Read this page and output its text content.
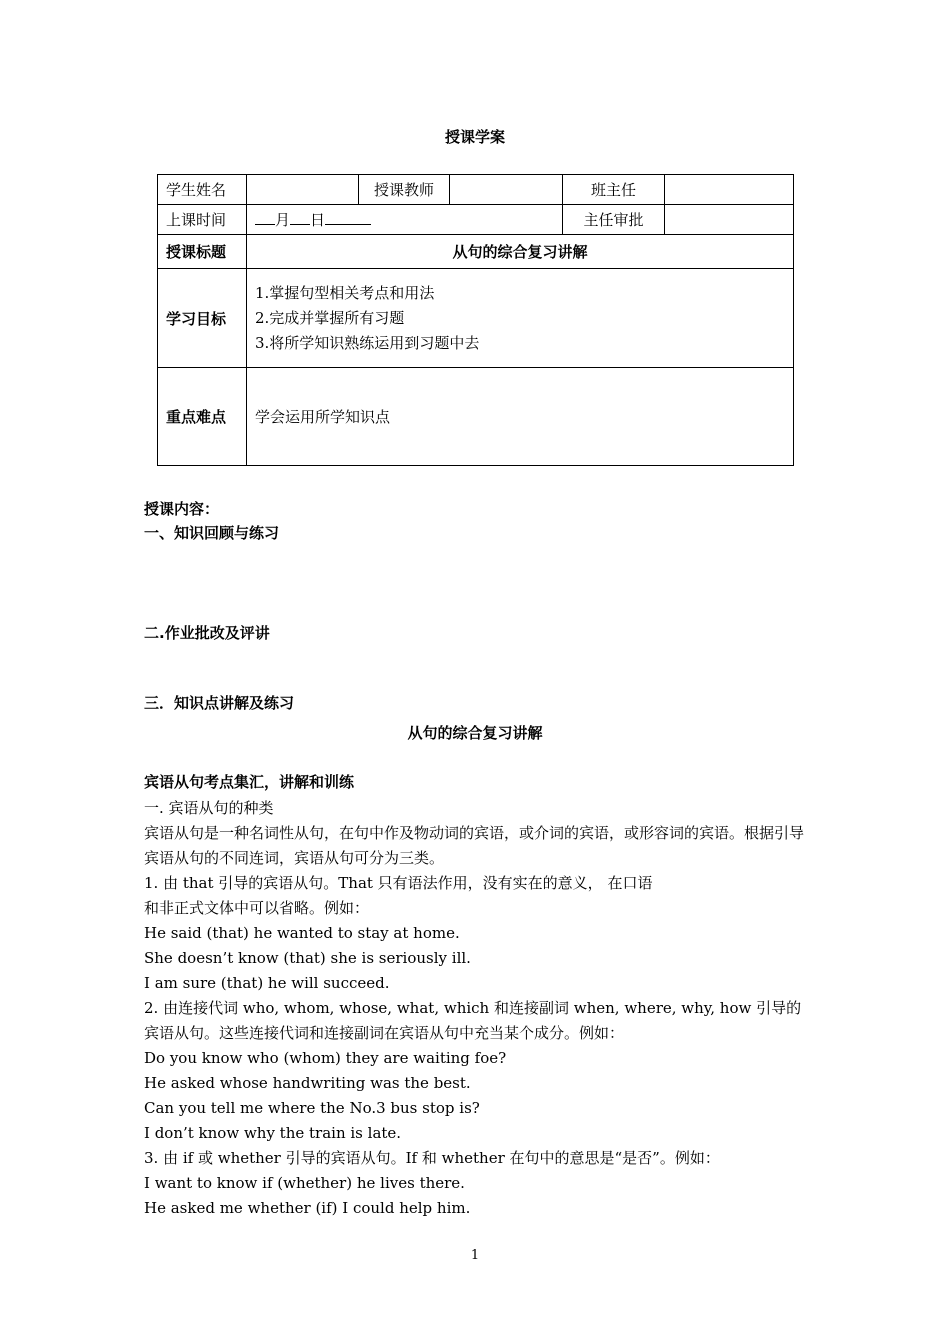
授课学案
学生姓名		授课教师		班主任	
上课时间	月 日			主任审批	
授课标题	从句的综合复习讲解				
学习目标	1.掌握句型相关考点和用法
2.完成并掌握所有习题
3.将所学知识熟练运用到习题中去				

重点难点	学会运用所学知识点				
授课内容：
一、知识回顾与练习
二.作业批改及评讲
三．知识点讲解及练习
从句的综合复习讲解
宾语从句考点集汇，讲解和训练

一. 宾语从句的种类

宾语从句是一种名词性从句，在句中作及物动词的宾语，或介词的宾语，或形容词的宾语。根据引导宾语从句的不同连词，宾语从句可分为三类。

1. 由 that 引导的宾语从句。That 只有语法作用，没有实在的意义， 在口语

和非正式文体中可以省略。例如：

He said (that) he wanted to stay at home.

She doesn’t know (that) she is seriously ill.

I am sure (that) he will succeed.

2. 由连接代词 who, whom, whose, what, which 和连接副词 when, where, why, how 引导的宾语从句。这些连接代词和连接副词在宾语从句中充当某个成分。例如：

Do you know who (whom) they are waiting foe?

He asked whose handwriting was the best.

Can you tell me where the No.3 bus stop is?

I don’t know why the train is late.

3. 由 if 或 whether 引导的宾语从句。If 和 whether 在句中的意思是“是否”。例如：

I want to know if (whether) he lives there.

He asked me whether (if) I could help him.

1
